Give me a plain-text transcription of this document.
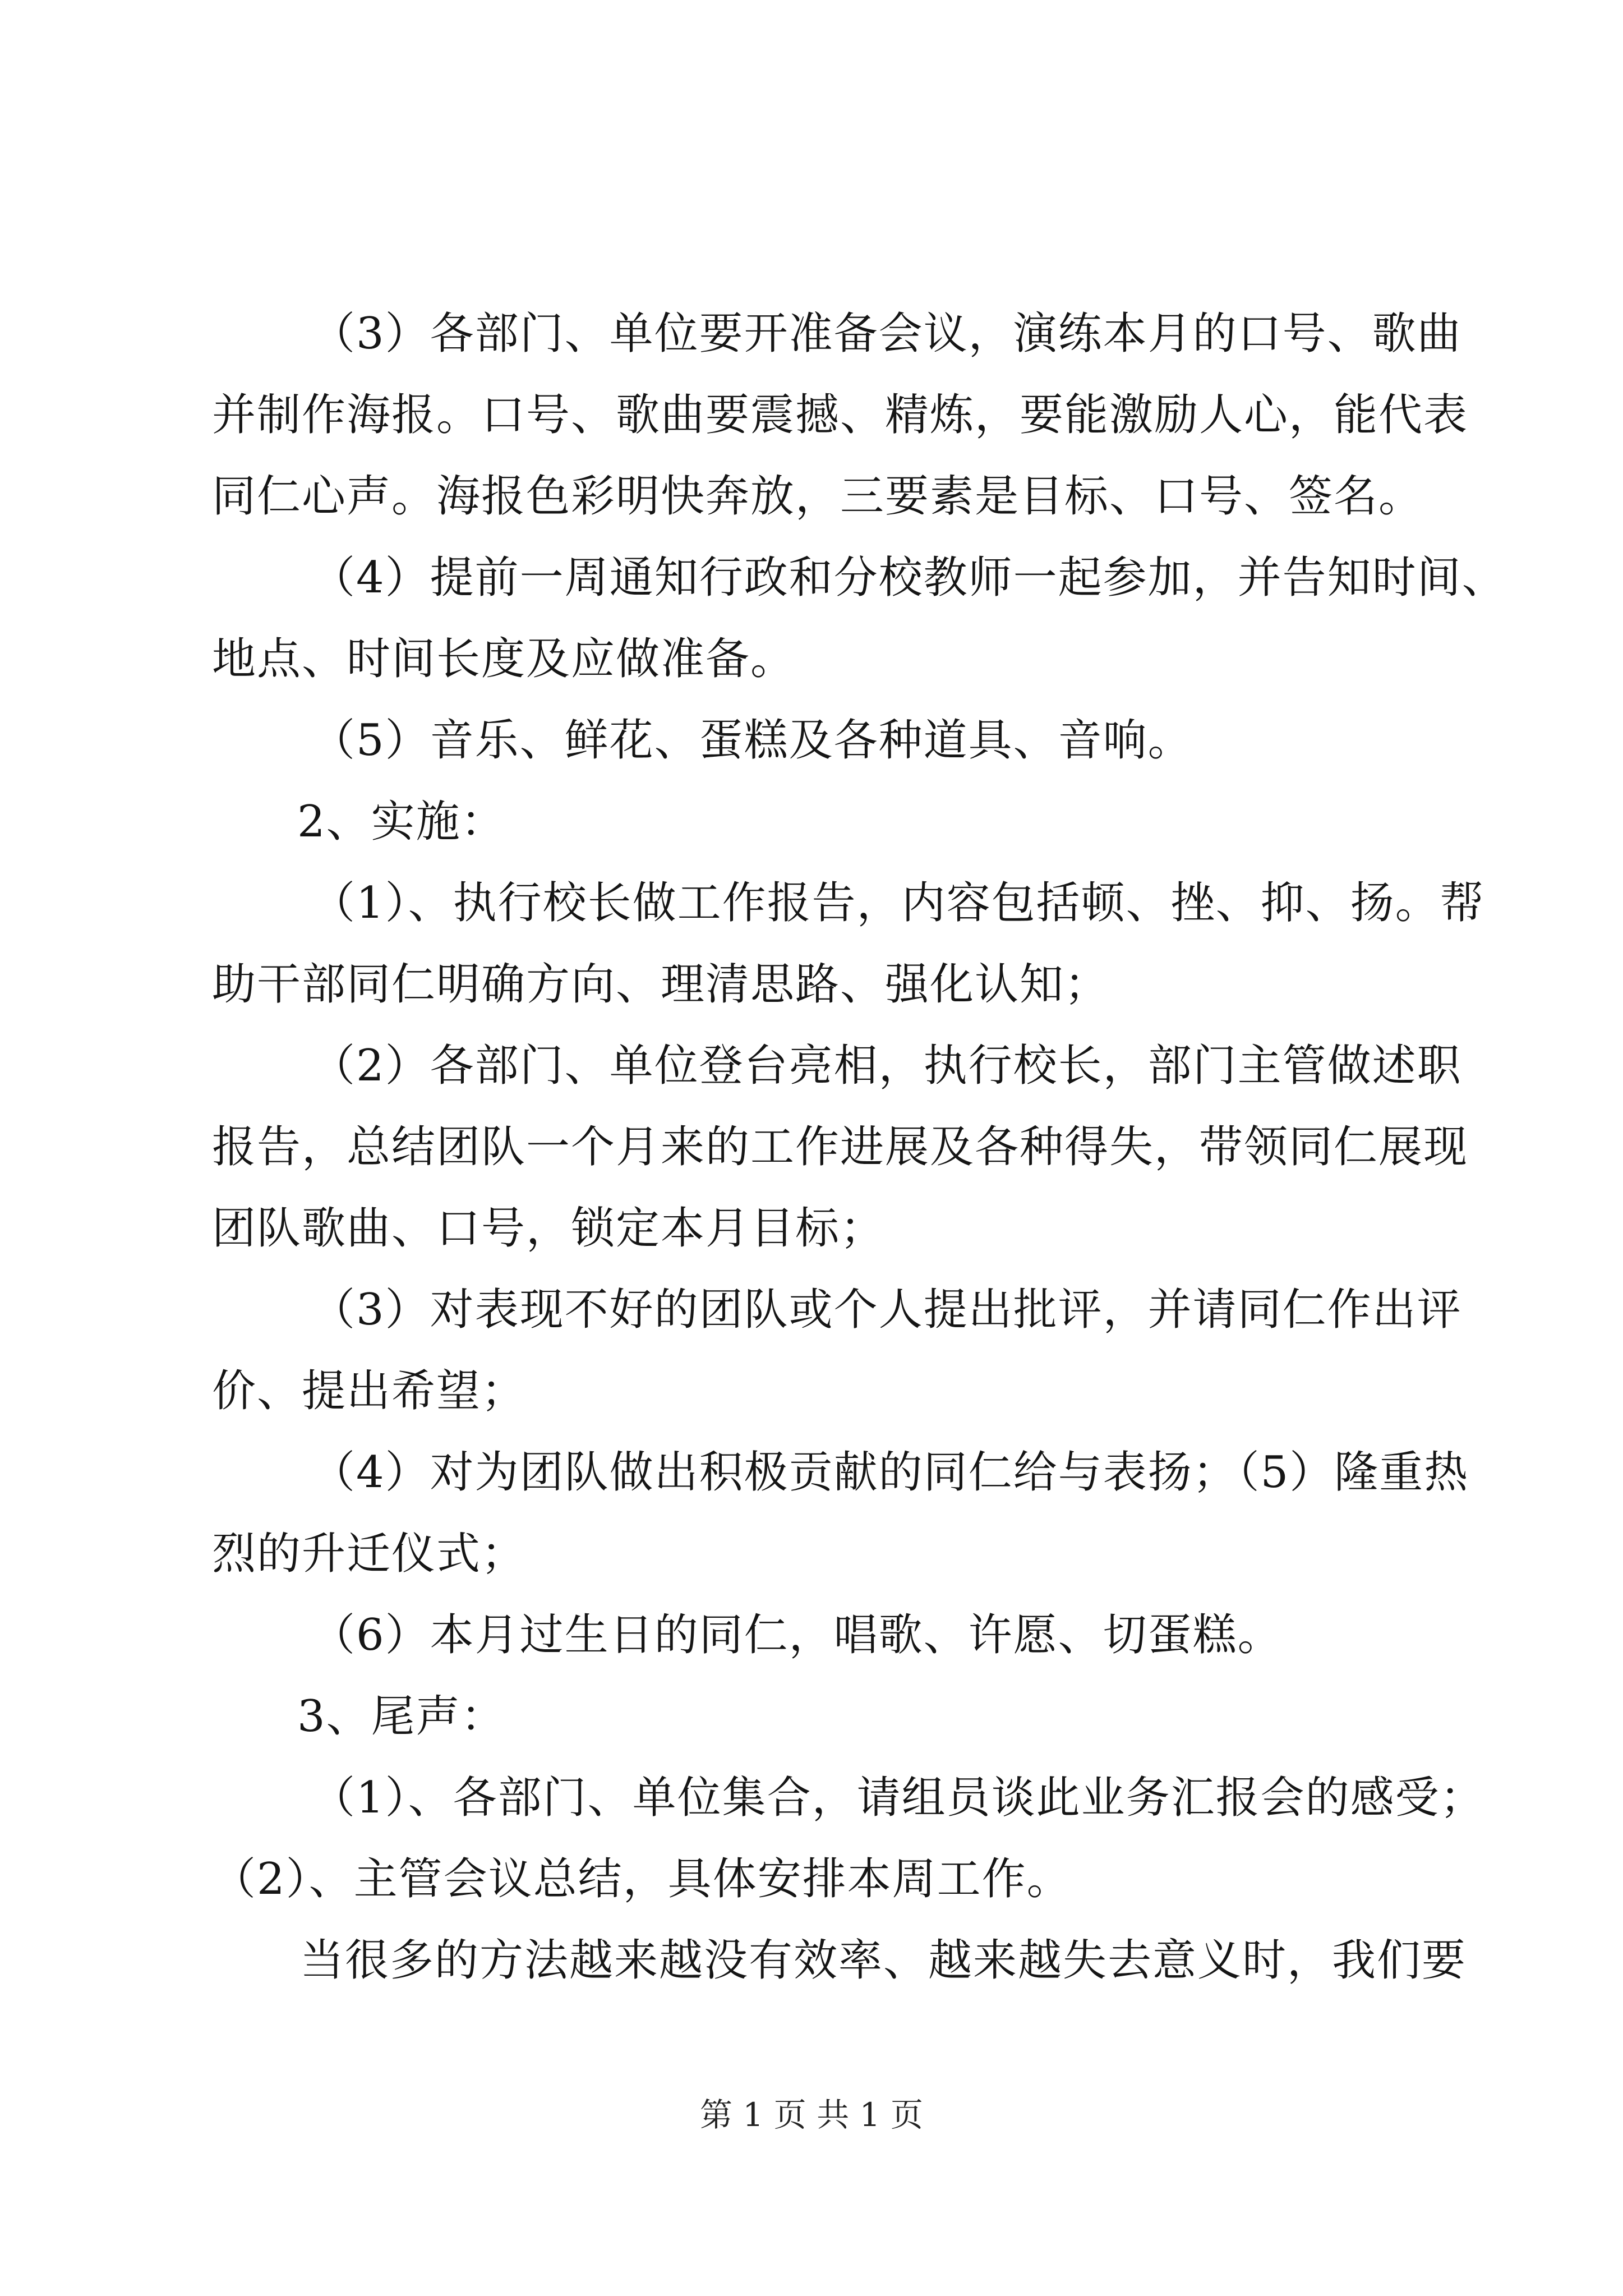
（3）各部门、单位要开准备会议，演练本月的口号、歌曲
并制作海报。口号、歌曲要震撼、精炼，要能激励人心，能代表
同仁心声。海报色彩明快奔放，三要素是目标、口号、签名。
（4）提前一周通知行政和分校教师一起参加，并告知时间、
地点、时间长度及应做准备。
（5）音乐、鲜花、蛋糕及各种道具、音响。
2、实施：
（1）、执行校长做工作报告，内容包括顿、挫、抑、扬。帮
助干部同仁明确方向、理清思路、强化认知；
（2）各部门、单位登台亮相，执行校长，部门主管做述职
报告，总结团队一个月来的工作进展及各种得失，带领同仁展现
团队歌曲、口号，锁定本月目标；
（3）对表现不好的团队或个人提出批评，并请同仁作出评
价、提出希望；
（4）对为团队做出积极贡献的同仁给与表扬；（5）隆重热
烈的升迁仪式；
（6）本月过生日的同仁，唱歌、许愿、切蛋糕。
3、尾声：
（1）、各部门、单位集合，请组员谈此业务汇报会的感受；
（2）、主管会议总结，具体安排本周工作。
当很多的方法越来越没有效率、越来越失去意义时，我们要
第 1 页 共 1 页
